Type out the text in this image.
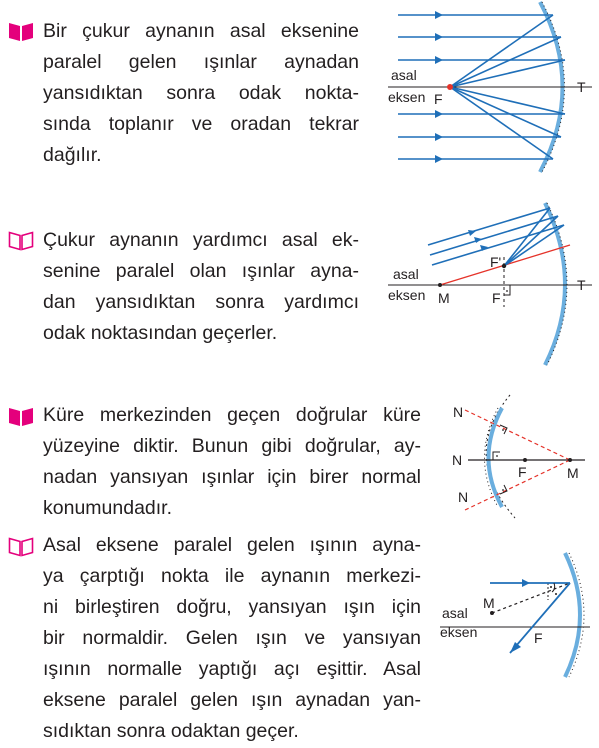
Bir çukur aynanın asal eksenine
paralel gelen ışınlar aynadan
yansıdıktan sonra odak nokta-
sında toplanır ve oradan tekrar
dağılır.
asal
eksen F
T
Çukur aynanın yardımcı asal ek-
senine paralel olan ışınlar ayna-
dan yansıdıktan sonra yardımcı
odak noktasından geçerler.
asal
eksen M	F
F'
T
Küre merkezinden geçen doğrular küre
yüzeyine diktir. Bunun gibi doğrular, ay-
nadan yansıyan ışınlar için birer normal
konumundadır.
N
N
N
F	M
Asal eksene paralel gelen ışının ayna-
ya çarptığı nokta ile aynanın merkezi-
ni birleştiren doğru, yansıyan ışın için
bir normaldir. Gelen ışın ve yansıyan
ışının normalle yaptığı açı eşittir. Asal
eksene paralel gelen ışın aynadan yan-
sıdıktan sonra odaktan geçer.
asal
eksen
M
F
